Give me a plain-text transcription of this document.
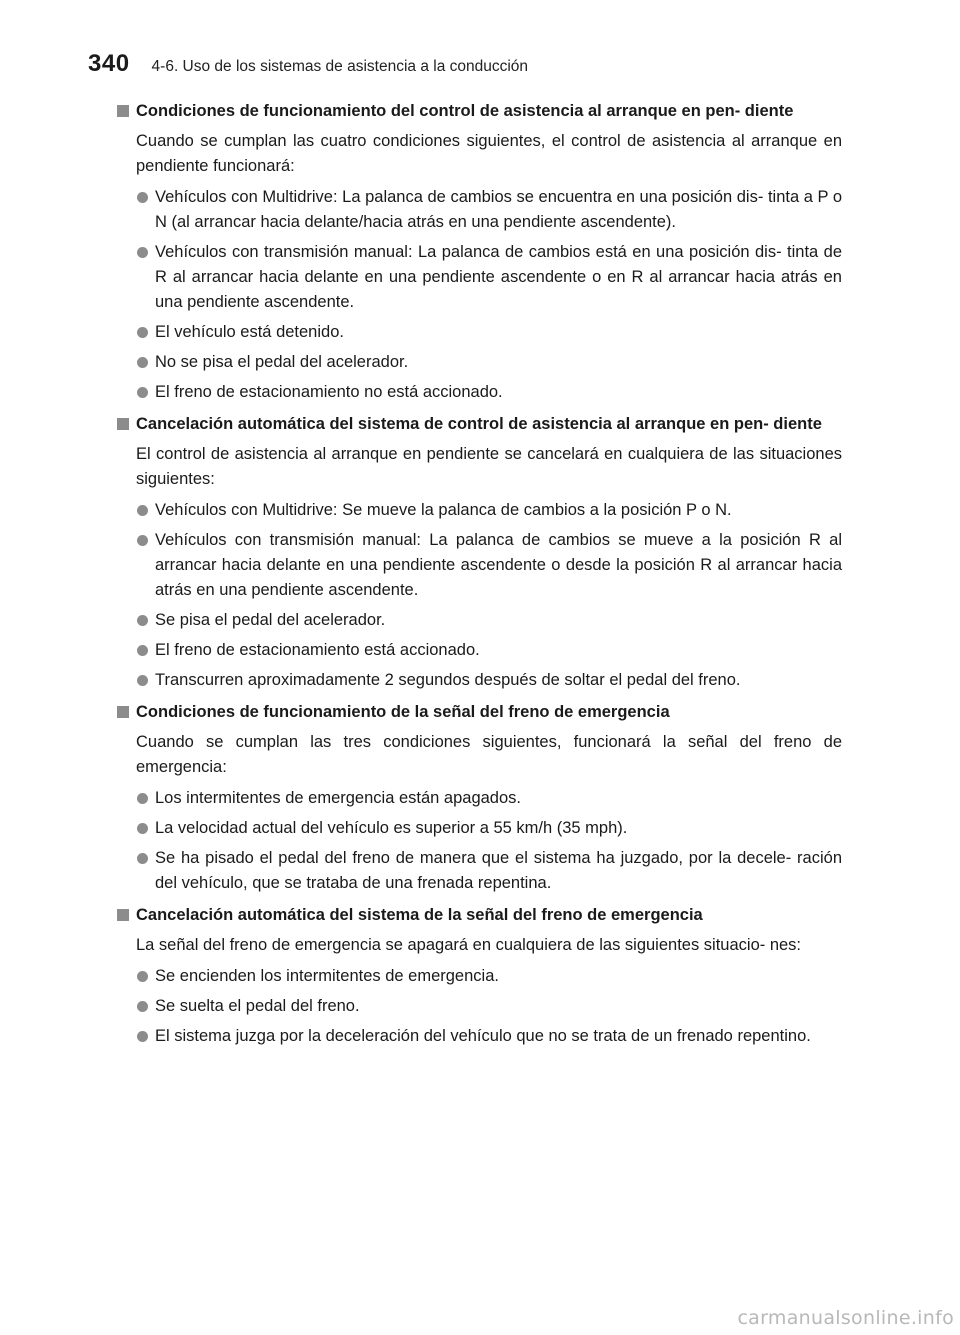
340 4-6. Uso de los sistemas de asistencia a la conducción
Condiciones de funcionamiento del control de asistencia al arranque en pen- diente
Cuando se cumplan las cuatro condiciones siguientes, el control de asistencia al arranque en pendiente funcionará:
Vehículos con Multidrive: La palanca de cambios se encuentra en una posición dis- tinta a P o N (al arrancar hacia delante/hacia atrás en una pendiente ascendente).
Vehículos con transmisión manual: La palanca de cambios está en una posición dis- tinta de R al arrancar hacia delante en una pendiente ascendente o en R al arrancar hacia atrás en una pendiente ascendente.
El vehículo está detenido.
No se pisa el pedal del acelerador.
El freno de estacionamiento no está accionado.
Cancelación automática del sistema de control de asistencia al arranque en pen- diente
El control de asistencia al arranque en pendiente se cancelará en cualquiera de las situaciones siguientes:
Vehículos con Multidrive: Se mueve la palanca de cambios a la posición P o N.
Vehículos con transmisión manual: La palanca de cambios se mueve a la posición R al arrancar hacia delante en una pendiente ascendente o desde la posición R al arrancar hacia atrás en una pendiente ascendente.
Se pisa el pedal del acelerador.
El freno de estacionamiento está accionado.
Transcurren aproximadamente 2 segundos después de soltar el pedal del freno.
Condiciones de funcionamiento de la señal del freno de emergencia
Cuando se cumplan las tres condiciones siguientes, funcionará la señal del freno de emergencia:
Los intermitentes de emergencia están apagados.
La velocidad actual del vehículo es superior a 55 km/h (35 mph).
Se ha pisado el pedal del freno de manera que el sistema ha juzgado, por la decele- ración del vehículo, que se trataba de una frenada repentina.
Cancelación automática del sistema de la señal del freno de emergencia
La señal del freno de emergencia se apagará en cualquiera de las siguientes situacio- nes:
Se encienden los intermitentes de emergencia.
Se suelta el pedal del freno.
El sistema juzga por la deceleración del vehículo que no se trata de un frenado repentino.
carmanualsonline.info
